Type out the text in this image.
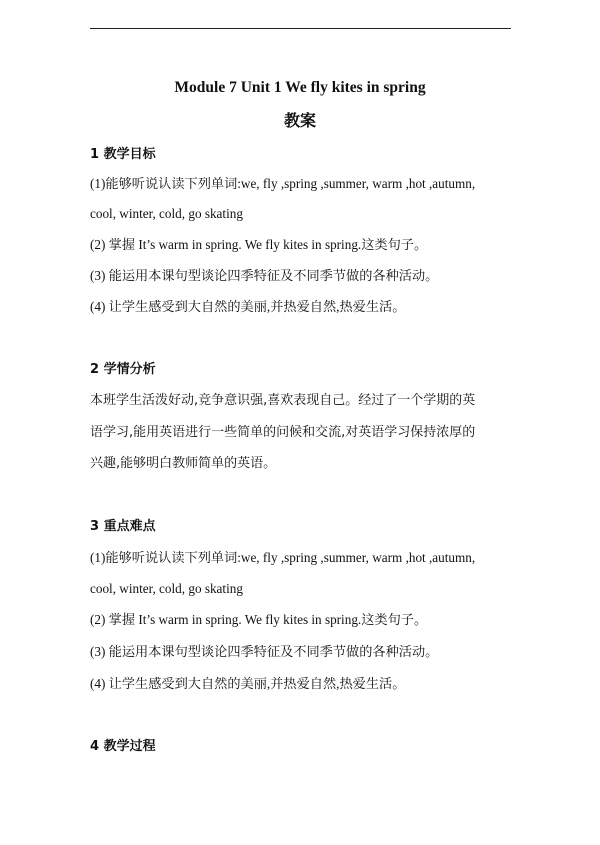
Module 7 Unit 1 We fly kites in spring
教案
1 教学目标
(1)能够听说认读下列单词:we, fly ,spring ,summer, warm ,hot ,autumn,
cool, winter, cold, go skating
(2) 掌握 It’s warm in spring. We fly kites in spring.这类句子。
(3) 能运用本课句型谈论四季特征及不同季节做的各种活动。
(4) 让学生感受到大自然的美丽,并热爱自然,热爱生活。
2 学情分析
本班学生活泼好动,竞争意识强,喜欢表现自己。经过了一个学期的英
语学习,能用英语进行一些简单的问候和交流,对英语学习保持浓厚的
兴趣,能够明白教师简单的英语。
3 重点难点
(1)能够听说认读下列单词:we, fly ,spring ,summer, warm ,hot ,autumn,
cool, winter, cold, go skating
(2) 掌握 It’s warm in spring. We fly kites in spring.这类句子。
(3) 能运用本课句型谈论四季特征及不同季节做的各种活动。
(4) 让学生感受到大自然的美丽,并热爱自然,热爱生活。
4 教学过程
